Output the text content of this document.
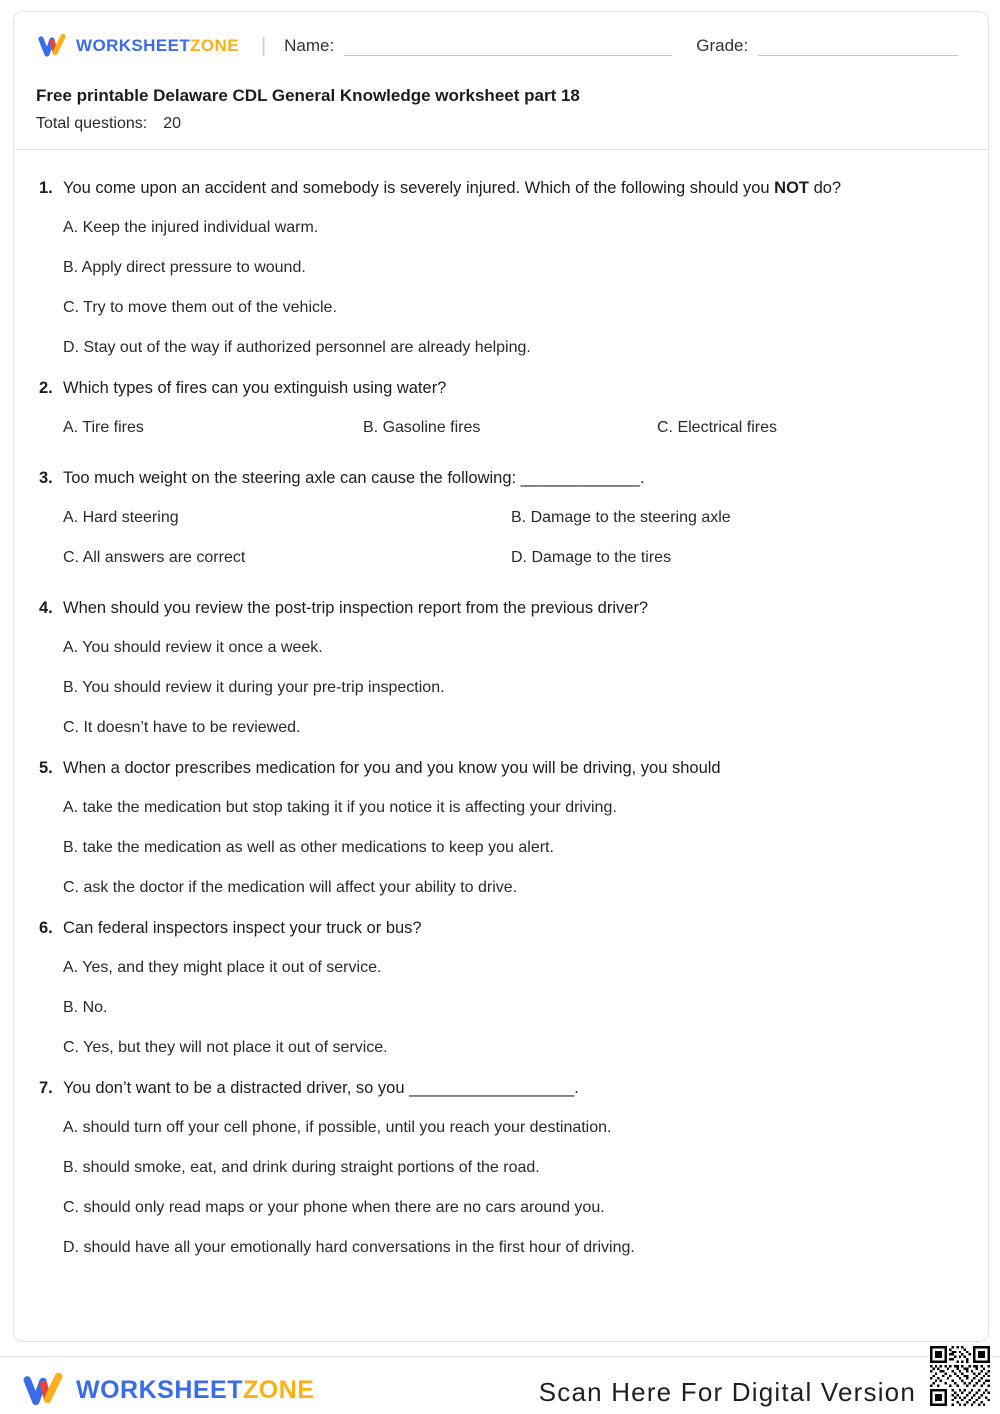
WORKSHEETZONE | Name:	Grade:
Free printable Delaware CDL General Knowledge worksheet part 18
Total questions: 20
1. You come upon an accident and somebody is severely injured. Which of the following should you NOT do?
A. Keep the injured individual warm.
B. Apply direct pressure to wound.
C. Try to move them out of the vehicle.
D. Stay out of the way if authorized personnel are already helping.
2. Which types of fires can you extinguish using water?
A. Tire fires	B. Gasoline fires	C. Electrical fires
3. Too much weight on the steering axle can cause the following: _____________.
A. Hard steering	B. Damage to the steering axle
C. All answers are correct	D. Damage to the tires
4. When should you review the post-trip inspection report from the previous driver?
A. You should review it once a week.
B. You should review it during your pre-trip inspection.
C. It doesn’t have to be reviewed.
5. When a doctor prescribes medication for you and you know you will be driving, you should
A. take the medication but stop taking it if you notice it is affecting your driving.
B. take the medication as well as other medications to keep you alert.
C. ask the doctor if the medication will affect your ability to drive.
6. Can federal inspectors inspect your truck or bus?
A. Yes, and they might place it out of service.
B. No.
C. Yes, but they will not place it out of service.
7. You don’t want to be a distracted driver, so you __________________.
A. should turn off your cell phone, if possible, until you reach your destination.
B. should smoke, eat, and drink during straight portions of the road.
C. should only read maps or your phone when there are no cars around you.
D. should have all your emotionally hard conversations in the first hour of driving.
WORKSHEETZONE	Scan Here For Digital Version
